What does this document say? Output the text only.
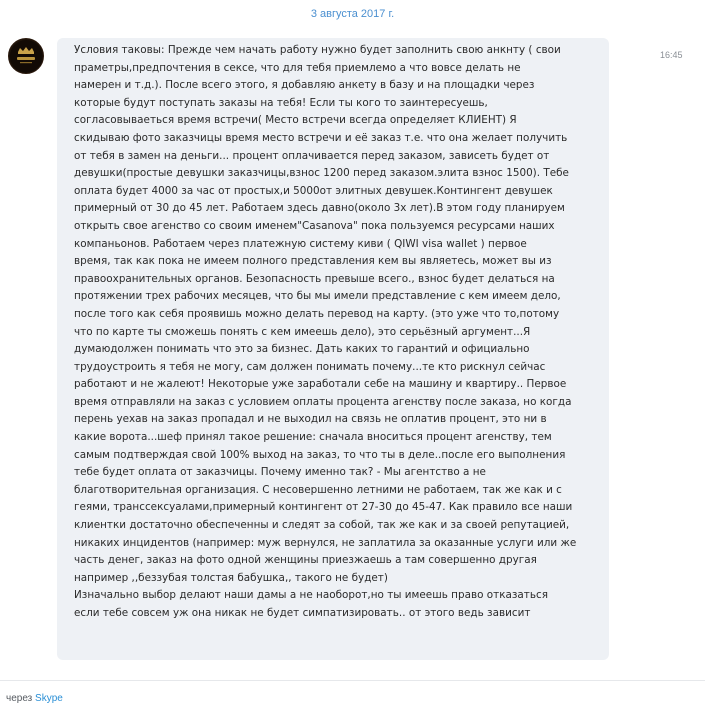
3 августа 2017 г.

Условия таковы: Прежде чем начать работу нужно будет заполнить свою анкнту ( свои
праметры,предпочтения в сексе, что для тебя приемлемо а что вовсе делать не
намерен и т.д.). После всего этого, я добавляю анкету в базу и на площадки через
которые будут поступать заказы на тебя! Если ты кого то заинтересуешь,
согласовываеться время встречи( Место встречи всегда определяет КЛИЕНТ) Я
скидываю фото заказчицы время место встречи и её заказ т.е. что она желает получить
от тебя в замен на деньги... процент оплачивается перед заказом, зависеть будет от
девушки(простые девушки заказчицы,взнос 1200 перед заказом.элита взнос 1500). Тебе
оплата будет 4000 за час от простых,и 5000от элитных девушек.Контингент девушек
примерный от 30 до 45 лет. Работаем здесь давно(около 3х лет).В этом году планируем
открыть свое агенство со своим именем"Casanova" пока пользуемся ресурсами наших
компаньонов. Работаем через платежную систему киви ( QIWI visa wallet ) первое
время, так как пока не имеем полного представления кем вы являетесь, может вы из
правоохранительных органов. Безопасность превыше всего., взнос будет делаться на
протяжении трех рабочих месяцев, что бы мы имели представление с кем имеем дело,
после того как себя проявишь можно делать перевод на карту. (это уже что то,потому
что по карте ты сможешь понять с кем имеешь дело), это серьёзный аргумент...Я
думаюдолжен понимать что это за бизнес. Дать каких то гарантий и официально
трудоустроить я тебя не могу, сам должен понимать почему...те кто рискнул сейчас
работают и не жалеют! Некоторые уже заработали себе на машину и квартиру.. Первое
время отправляли на заказ с условием оплаты процента агенству после заказа, но когда
перень уехав на заказ пропадал и не выходил на связь не оплатив процент, это ни в
какие ворота...шеф принял такое решение: сначала вноситься процент агенству, тем
самым подтверждая свой 100% выход на заказ, то что ты в деле..после его выполнения
тебе будет оплата от заказчицы. Почему именно так? - Мы агентство а не
благотворительная организация. С несовершенно летними не работаем, так же как и с
геями, транссексуалами,примерный контингент от 27-30 до 45-47. Как правило все наши
клиентки достаточно обеспеченны и следят за собой, так же как и за своей репутацией,
никаких инцидентов (например: муж вернулся, не заплатила за оказанные услуги или же
часть денег, заказ на фото одной женщины приезжаешь а там совершенно другая
например ,,беззубая толстая бабушка,, такого не будет)
Изначально выбор делают наши дамы а не наоборот,но ты имеешь право отказаться
если тебе совсем уж она никак не будет симпатизировать.. от этого ведь зависит

16:45
через Skype
